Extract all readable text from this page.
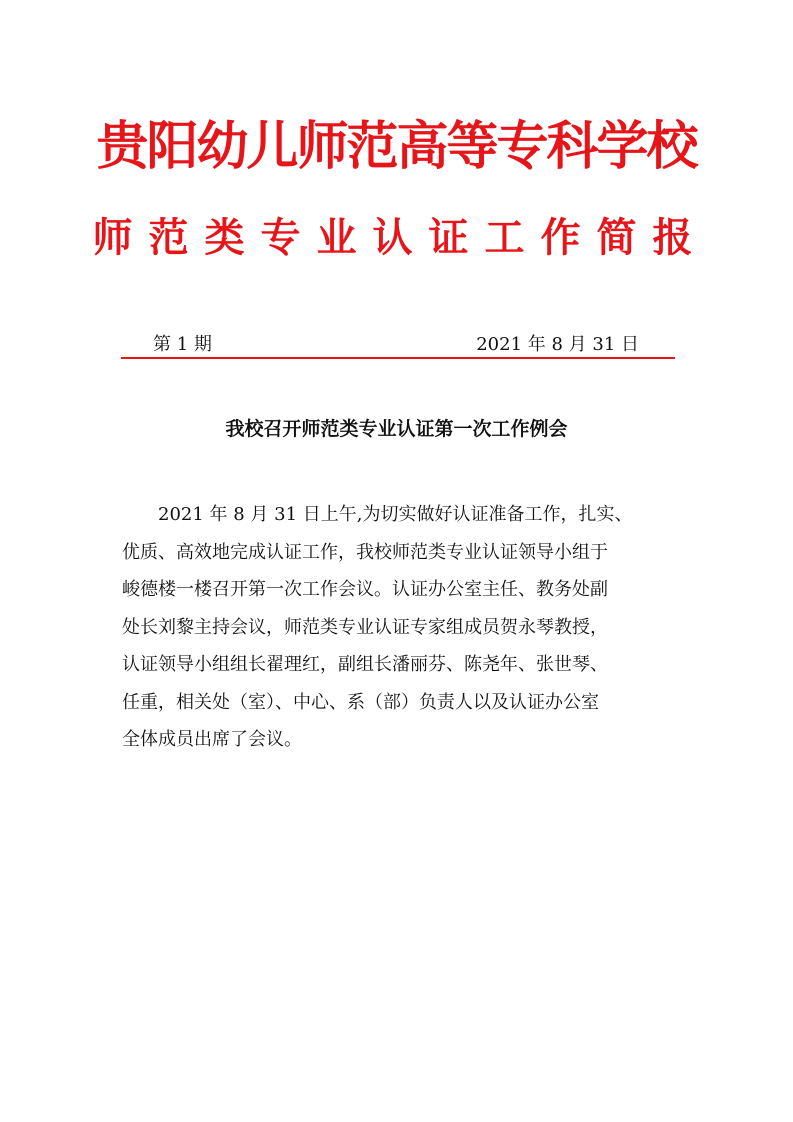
贵阳幼儿师范高等专科学校
师范类专业认证工作简报
第 1 期	2021 年 8 月 31 日
我校召开师范类专业认证第一次工作例会
2021 年 8 月 31 日上午,为切实做好认证准备工作，扎实、
优质、高效地完成认证工作，我校师范类专业认证领导小组于
峻德楼一楼召开第一次工作会议。认证办公室主任、教务处副
处长刘黎主持会议，师范类专业认证专家组成员贺永琴教授，
认证领导小组组长翟理红，副组长潘丽芬、陈尧年、张世琴、
任重，相关处（室）、中心、系（部）负责人以及认证办公室
全体成员出席了会议。
